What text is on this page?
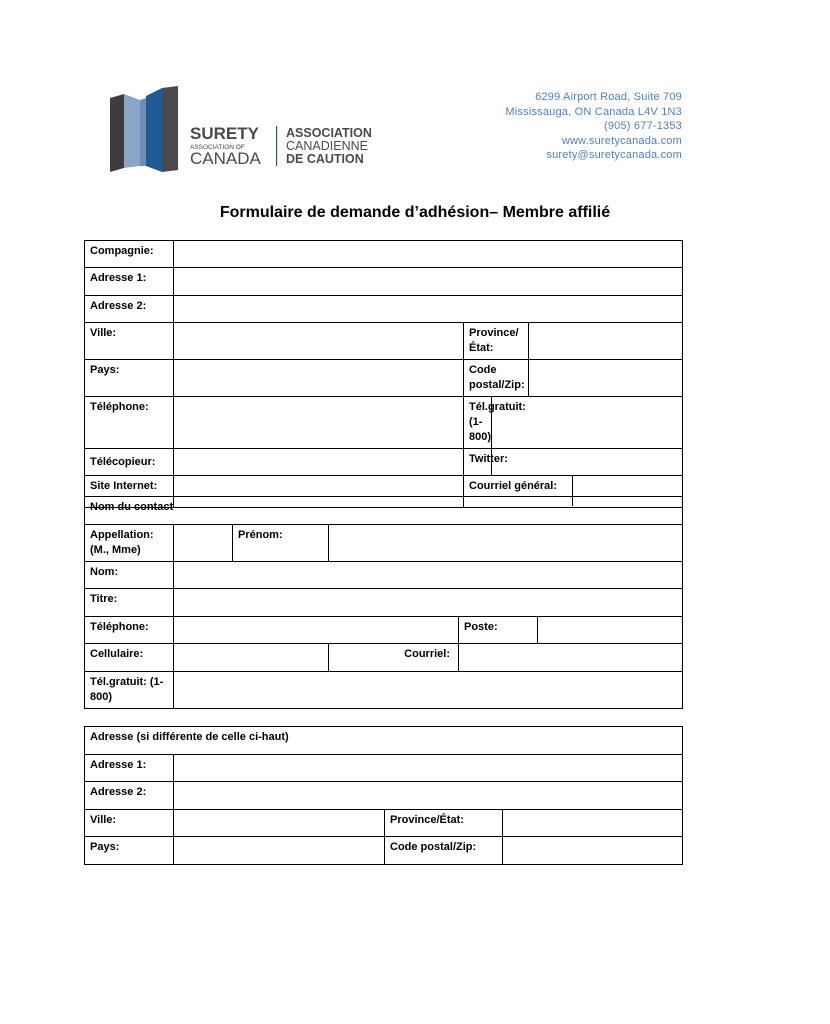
SURETY
ASSOCIATION OF
CANADA
ASSOCIATION
CANADIENNE
DE CAUTION
6299 Airport Road, Suite 709
Mississauga, ON Canada L4V 1N3
(905) 677-1353
www.suretycanada.com
surety@suretycanada.com
Formulaire de demande d’adhésion– Membre affilié
Compagnie:	
Adresse 1:	
Adresse 2:	
Ville:		Province/État:	
Pays:		Code postal/Zip:	
Téléphone:		Tél.gratuit: (1-800)	
Télécopieur:		Twitter:	
Site Internet:			Courriel général:	
Nom du contact					
Appellation: (M., Mme)		Prénom:			
Nom:					
Titre:					
Téléphone:				Poste:	

Cellulaire:			Courriel:		
Tél.gratuit: (1-800)					
Adresse (si différente de celle ci-haut)			
Adresse 1:			
Adresse 2:			
Ville:		Province/État:	
Pays:		Code postal/Zip:	
